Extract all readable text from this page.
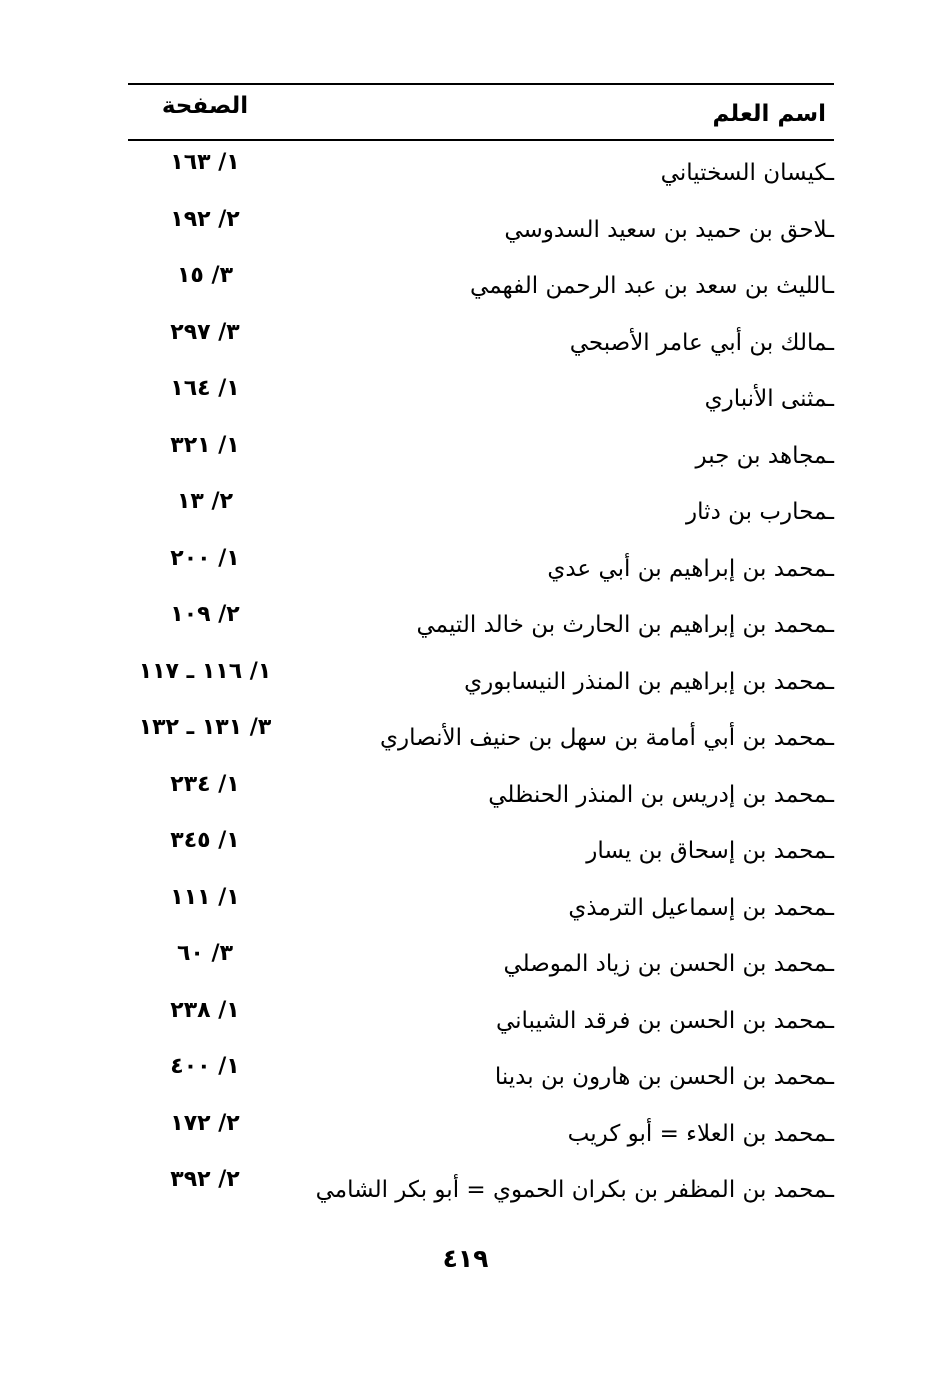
اسم العلم
الصفحة
ـكيسان السختياني
١/ ١٦٣
ـلاحق بن حميد بن سعيد السدوسي
٢/ ١٩٢
ـالليث بن سعد بن عبد الرحمن الفهمي
٣/ ١٥
ـمالك بن أبي عامر الأصبحي
٣/ ٢٩٧
ـمثنى الأنباري
١/ ١٦٤
ـمجاهد بن جبر
١/ ٣٢١
ـمحارب بن دثار
٢/ ١٣
ـمحمد بن إبراهيم بن أبي عدي
١/ ٢٠٠
ـمحمد بن إبراهيم بن الحارث بن خالد التيمي
٢/ ١٠٩
ـمحمد بن إبراهيم بن المنذر النيسابوري
١/ ١١٦ ـ ١١٧
ـمحمد بن أبي أمامة بن سهل بن حنيف الأنصاري
٣/ ١٣١ ـ ١٣٢
ـمحمد بن إدريس بن المنذر الحنظلي
١/ ٢٣٤
ـمحمد بن إسحاق بن يسار
١/ ٣٤٥
ـمحمد بن إسماعيل الترمذي
١/ ١١١
ـمحمد بن الحسن بن زياد الموصلي
٣/ ٦٠
ـمحمد بن الحسن بن فرقد الشيباني
١/ ٢٣٨
ـمحمد بن الحسن بن هارون بن بدينا
١/ ٤٠٠
ـمحمد بن العلاء = أبو كريب
٢/ ١٧٢
ـمحمد بن المظفر بن بكران الحموي = أبو بكر الشامي
٢/ ٣٩٢
٤١٩
